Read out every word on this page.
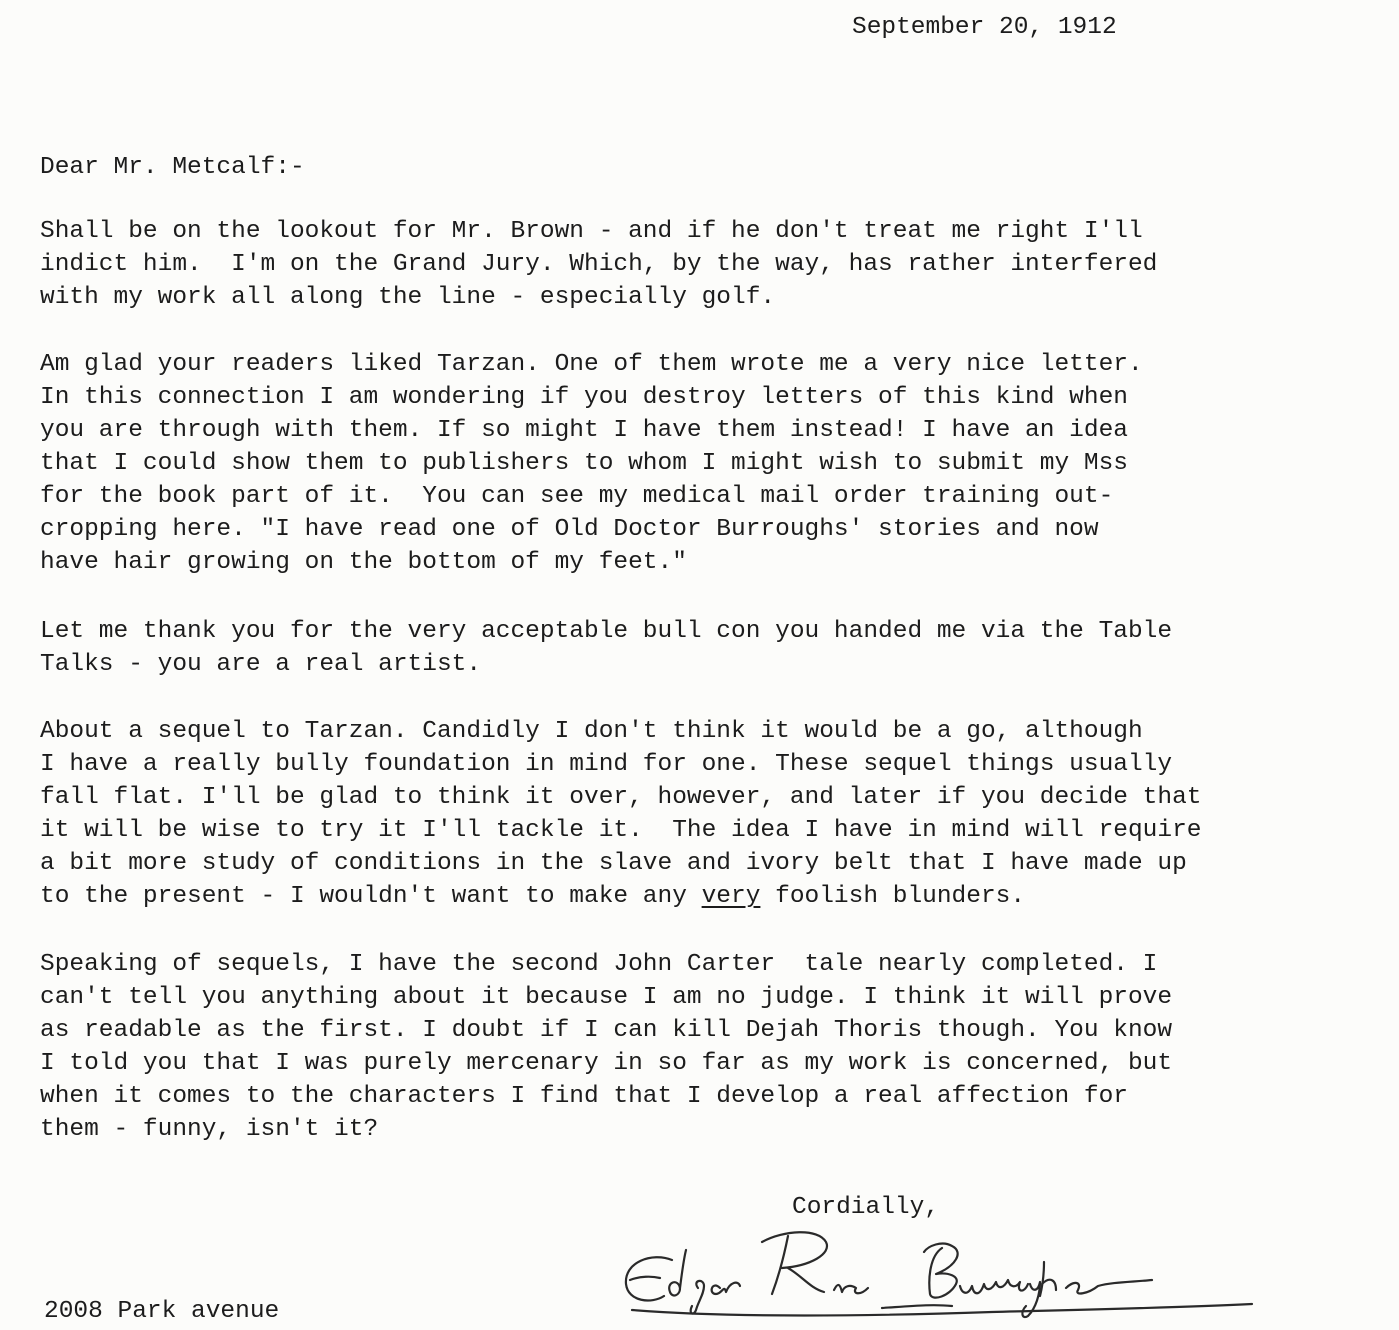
September 20, 1912
Dear Mr. Metcalf:-
Shall be on the lookout for Mr. Brown - and if he don't treat me right I'll
indict him.  I'm on the Grand Jury. Which, by the way, has rather interfered
with my work all along the line - especially golf.
Am glad your readers liked Tarzan. One of them wrote me a very nice letter.
In this connection I am wondering if you destroy letters of this kind when
you are through with them. If so might I have them instead! I have an idea
that I could show them to publishers to whom I might wish to submit my Mss
for the book part of it.  You can see my medical mail order training out-
cropping here. "I have read one of Old Doctor Burroughs' stories and now
have hair growing on the bottom of my feet."
Let me thank you for the very acceptable bull con you handed me via the Table
Talks - you are a real artist.
About a sequel to Tarzan. Candidly I don't think it would be a go, although
I have a really bully foundation in mind for one. These sequel things usually
fall flat. I'll be glad to think it over, however, and later if you decide that
it will be wise to try it I'll tackle it.  The idea I have in mind will require
a bit more study of conditions in the slave and ivory belt that I have made up
to the present - I wouldn't want to make any very foolish blunders.
Speaking of sequels, I have the second John Carter  tale nearly completed. I
can't tell you anything about it because I am no judge. I think it will prove
as readable as the first. I doubt if I can kill Dejah Thoris though. You know
I told you that I was purely mercenary in so far as my work is concerned, but
when it comes to the characters I find that I develop a real affection for
them - funny, isn't it?
Cordially,
2008 Park avenue
